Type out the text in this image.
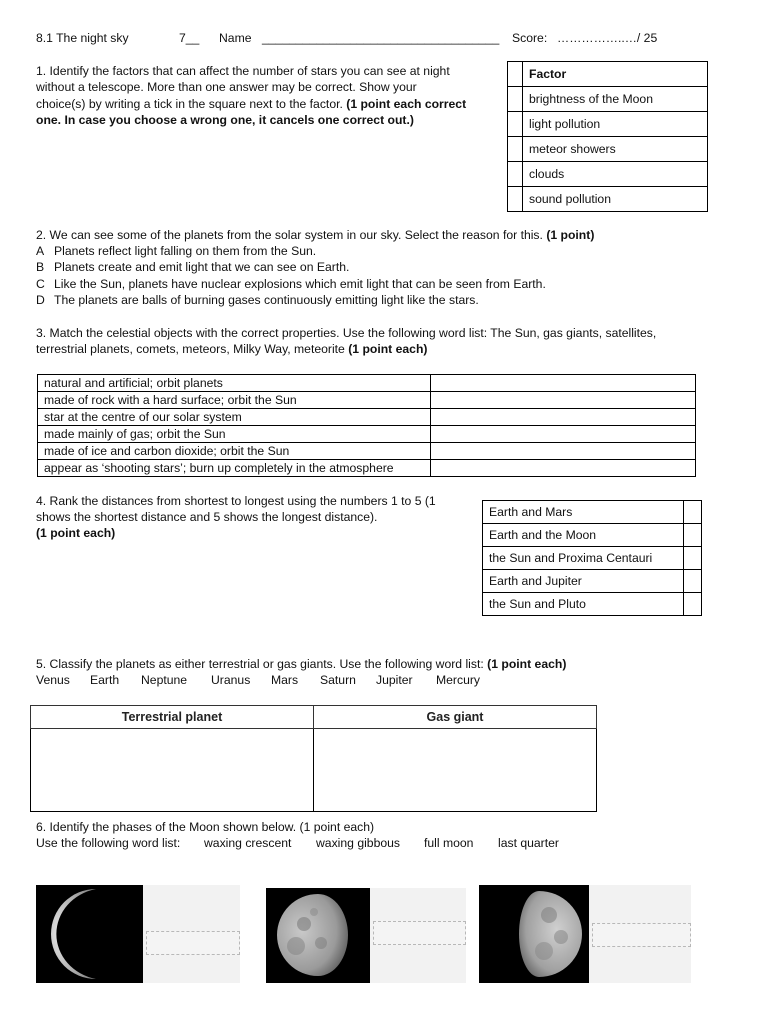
8.1 The night sky	7__ Name ___________________________________ Score: ……………..…/ 25
1. Identify the factors that can affect the number of stars you can see at night
without a telescope. More than one answer may be correct. Show your
choice(s) by writing a tick in the square next to the factor. (1 point each correct
one. In case you choose a wrong one, it cancels one correct out.)
	Factor
	brightness of the Moon
	light pollution
	meteor showers
	clouds
	sound pollution
2. We can see some of the planets from the solar system in our sky. Select the reason for this. (1 point)
A Planets reflect light falling on them from the Sun.
B Planets create and emit light that we can see on Earth.
C Like the Sun, planets have nuclear explosions which emit light that can be seen from Earth.
D The planets are balls of burning gases continuously emitting light like the stars.
3. Match the celestial objects with the correct properties. Use the following word list: The Sun, gas giants, satellites,
terrestrial planets, comets, meteors, Milky Way, meteorite (1 point each)
natural and artificial; orbit planets	
made of rock with a hard surface; orbit the Sun	
star at the centre of our solar system	
made mainly of gas; orbit the Sun	
made of ice and carbon dioxide; orbit the Sun	
appear as ‘shooting stars’; burn up completely in the atmosphere	
4. Rank the distances from shortest to longest using the numbers 1 to 5 (1
shows the shortest distance and 5 shows the longest distance).
(1 point each)
Earth and Mars	
Earth and the Moon	
the Sun and Proxima Centauri	
Earth and Jupiter	
the Sun and Pluto	
5. Classify the planets as either terrestrial or gas giants. Use the following word list: (1 point each)
Venus Earth Neptune Uranus Mars Saturn Jupiter Mercury
Terrestrial planet	Gas giant

6. Identify the phases of the Moon shown below. (1 point each)
Use the following word list: waxing crescent waxing gibbous full moon last quarter
